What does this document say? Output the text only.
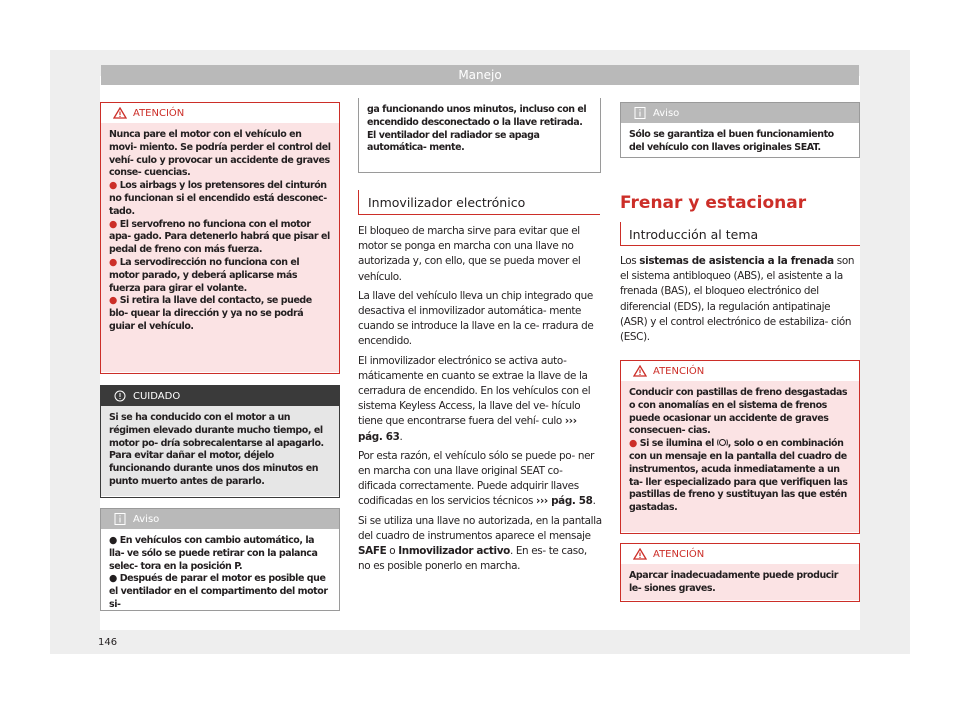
Manejo
ATENCIÓN

Nunca pare el motor con el vehículo en movi- miento. Se podría perder el control del vehí- culo y provocar un accidente de graves conse- cuencias.

● Los airbags y los pretensores del cinturón no funcionan si el encendido está desconec- tado.

● El servofreno no funciona con el motor apa- gado. Para detenerlo habrá que pisar el pedal de freno con más fuerza.

● La servodirección no funciona con el motor parado, y deberá aplicarse más fuerza para girar el volante.

● Si retira la llave del contacto, se puede blo- quear la dirección y ya no se podrá guiar el vehículo.

CUIDADO

Si se ha conducido con el motor a un régimen elevado durante mucho tiempo, el motor po- dría sobrecalentarse al apagarlo. Para evitar dañar el motor, déjelo funcionando durante unos dos minutos en punto muerto antes de pararlo.

Aviso

● En vehículos con cambio automático, la lla- ve sólo se puede retirar con la palanca selec- tora en la posición P.

● Después de parar el motor es posible que el ventilador en el compartimento del motor si-

ga funcionando unos minutos, incluso con el encendido desconectado o la llave retirada. El ventilador del radiador se apaga automática- mente.

Inmovilizador electrónico

El bloqueo de marcha sirve para evitar que el motor se ponga en marcha con una llave no autorizada y, con ello, que se pueda mover el vehículo.

La llave del vehículo lleva un chip integrado que desactiva el inmovilizador automática- mente cuando se introduce la llave en la ce- rradura de encendido.

El inmovilizador electrónico se activa auto- máticamente en cuanto se extrae la llave de la cerradura de encendido. En los vehículos con el sistema Keyless Access, la llave del ve- hículo tiene que encontrarse fuera del vehí- culo ››› pág. 63.

Por esta razón, el vehículo sólo se puede po- ner en marcha con una llave original SEAT co- dificada correctamente. Puede adquirir llaves codificadas en los servicios técnicos ››› pág. 58.

Si se utiliza una llave no autorizada, en la pantalla del cuadro de instrumentos aparece el mensaje SAFE o Inmovilizador activo. En es- te caso, no es posible ponerlo en marcha.

Aviso

Sólo se garantiza el buen funcionamiento del vehículo con llaves originales SEAT.

Frenar y estacionar
Introducción al tema

Los sistemas de asistencia a la frenada son el sistema antibloqueo (ABS), el asistente a la frenada (BAS), el bloqueo electrónico del diferencial (EDS), la regulación antipatinaje (ASR) y el control electrónico de estabiliza- ción (ESC).

ATENCIÓN

Conducir con pastillas de freno desgastadas o con anomalías en el sistema de frenos puede ocasionar un accidente de graves consecuen- cias.

● Si se ilumina el , solo o en combinación con un mensaje en la pantalla del cuadro de instrumentos, acuda inmediatamente a un ta- ller especializado para que verifiquen las pastillas de freno y sustituyan las que estén gastadas.

ATENCIÓN

Aparcar inadecuadamente puede producir le- siones graves.

146
